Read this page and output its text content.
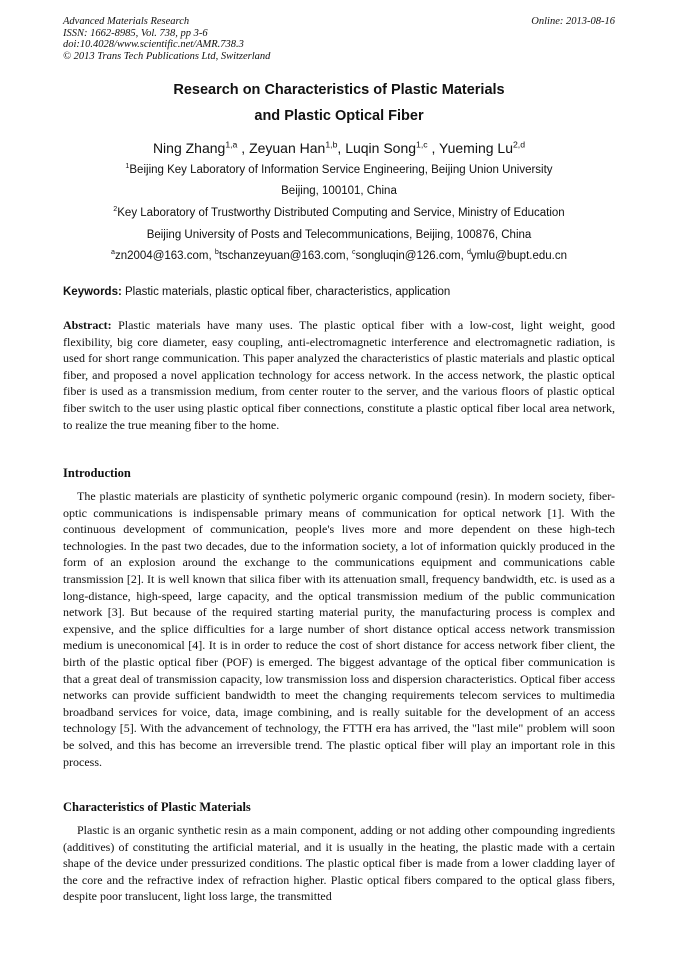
Advanced Materials Research
ISSN: 1662-8985, Vol. 738, pp 3-6
doi:10.4028/www.scientific.net/AMR.738.3
© 2013 Trans Tech Publications Ltd, Switzerland
Online: 2013-08-16
Research on Characteristics of Plastic Materials
and Plastic Optical Fiber
Ning Zhang$^{1,a}$ , Zeyuan Han$^{1,b}$, Luqin Song$^{1,c}$ , Yueming Lu$^{2,d}$
$^1$Beijing Key Laboratory of Information Service Engineering, Beijing Union University
Beijing, 100101, China
$^2$Key Laboratory of Trustworthy Distributed Computing and Service, Ministry of Education
Beijing University of Posts and Telecommunications, Beijing, 100876, China
$^a$zn2004@163.com, $^b$tschanzeyuan@163.com, $^c$songluqin@126.com, $^d$ymlu@bupt.edu.cn
Keywords: Plastic materials, plastic optical fiber, characteristics, application
Abstract: Plastic materials have many uses. The plastic optical fiber with a low-cost, light weight, good flexibility, big core diameter, easy coupling, anti-electromagnetic interference and electromagnetic radiation, is used for short range communication. This paper analyzed the characteristics of plastic materials and plastic optical fiber, and proposed a novel application technology for access network. In the access network, the plastic optical fiber is used as a transmission medium, from center router to the server, and the various floors of plastic optical fiber switch to the user using plastic optical fiber connections, constitute a plastic optical fiber local area network, to realize the true meaning fiber to the home.
Introduction
The plastic materials are plasticity of synthetic polymeric organic compound (resin). In modern society, fiber-optic communications is indispensable primary means of communication for optical network [1]. With the continuous development of communication, people's lives more and more dependent on these high-tech technologies. In the past two decades, due to the information society, a lot of information quickly produced in the form of an explosion around the exchange to the communications equipment and communications cable transmission [2]. It is well known that silica fiber with its attenuation small, frequency bandwidth, etc. is used as a long-distance, high-speed, large capacity, and the optical transmission medium of the public communication network [3]. But because of the required starting material purity, the manufacturing process is complex and expensive, and the splice difficulties for a large number of short distance optical access network transmission medium is uneconomical [4]. It is in order to reduce the cost of short distance for access network fiber client, the birth of the plastic optical fiber (POF) is emerged. The biggest advantage of the optical fiber communication is that a great deal of transmission capacity, low transmission loss and dispersion characteristics. Optical fiber access networks can provide sufficient bandwidth to meet the changing requirements telecom services to multimedia broadband services for voice, data, image combining, and is really suitable for the development of an access technology [5]. With the advancement of technology, the FTTH era has arrived, the "last mile" problem will soon be solved, and this has become an irreversible trend. The plastic optical fiber will play an important role in this process.
Characteristics of Plastic Materials
Plastic is an organic synthetic resin as a main component, adding or not adding other compounding ingredients (additives) of constituting the artificial material, and it is usually in the heating, the plastic made with a certain shape of the device under pressurized conditions. The plastic optical fiber is made from a lower cladding layer of the core and the refractive index of refraction higher. Plastic optical fibers compared to the optical glass fibers, despite poor translucent, light loss large, the transmitted
